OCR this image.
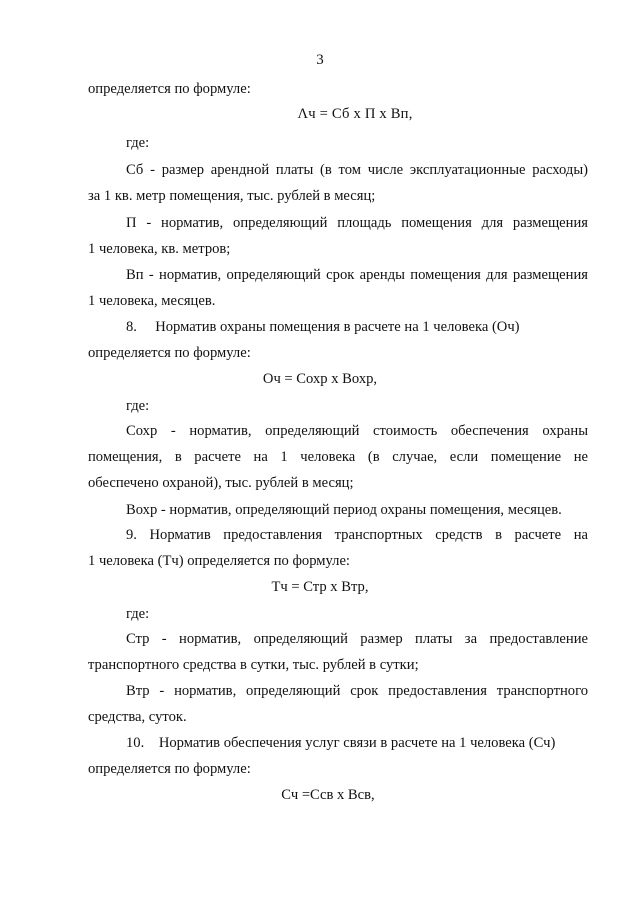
3
определяется по формуле:
Λч = Сб х П х Вп,
где:
Сб - размер арендной платы (в том числе эксплуатационные расходы)
за 1 кв. метр помещения, тыс. рублей в месяц;
П - норматив, определяющий площадь помещения для размещения
1 человека, кв. метров;
Вп - норматив, определяющий срок аренды помещения для размещения
1 человека, месяцев.
8.     Норматив охраны помещения в расчете на 1 человека (Оч)
определяется по формуле:
Оч = Сохр х Вохр,
где:
Сохр - норматив, определяющий стоимость обеспечения охраны
помещения, в расчете на 1 человека (в случае, если помещение не
обеспечено охраной), тыс. рублей в месяц;
Вохр - норматив, определяющий период охраны помещения, месяцев.
9. Норматив предоставления транспортных средств в расчете на
1 человека (Тч) определяется по формуле:
Тч = Стр х Втр,
где:
Стр - норматив, определяющий размер платы за предоставление
транспортного средства в сутки, тыс. рублей в сутки;
Втр - норматив, определяющий срок предоставления транспортного
средства, суток.
10.    Норматив обеспечения услуг связи в расчете на 1 человека (Сч)
определяется по формуле:
Сч =Ссв х Всв,
